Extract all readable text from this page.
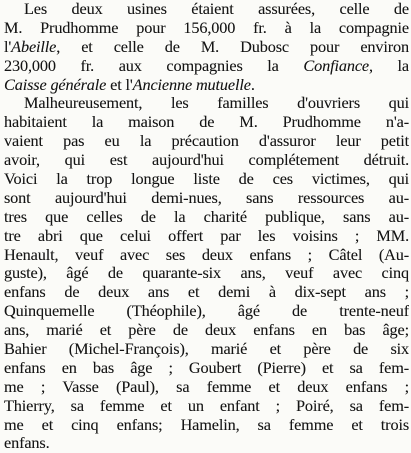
Les deux usines étaient assurées, celle de
M. Prudhomme pour 156,000 fr. à la compagnie
l'Abeille, et celle de M. Dubosc pour environ
230,000 fr. aux compagnies la Confiance, la
Caisse générale et l'Ancienne mutuelle.
Malheureusement, les familles d'ouvriers qui
habitaient la maison de M. Prudhomme n'a-
vaient pas eu la précaution d'assuror leur petit
avoir, qui est aujourd'hui complétement détruit.
Voici la trop longue liste de ces victimes, qui
sont aujourd'hui demi-nues, sans ressources au-
tres que celles de la charité publique, sans au-
tre abri que celui offert par les voisins ; MM.
Henault, veuf avec ses deux enfans ; Câtel (Au-
guste), âgé de quarante-six ans, veuf avec cinq
enfans de deux ans et demi à dix-sept ans ;
Quinquemelle (Théophile), âgé de trente-neuf
ans, marié et père de deux enfans en bas âge;
Bahier (Michel-François), marié et père de six
enfans en bas âge ; Goubert (Pierre) et sa fem-
me ; Vasse (Paul), sa femme et deux enfans ;
Thierry, sa femme et un enfant ; Poiré, sa fem-
me et cinq enfans; Hamelin, sa femme et trois
enfans.
